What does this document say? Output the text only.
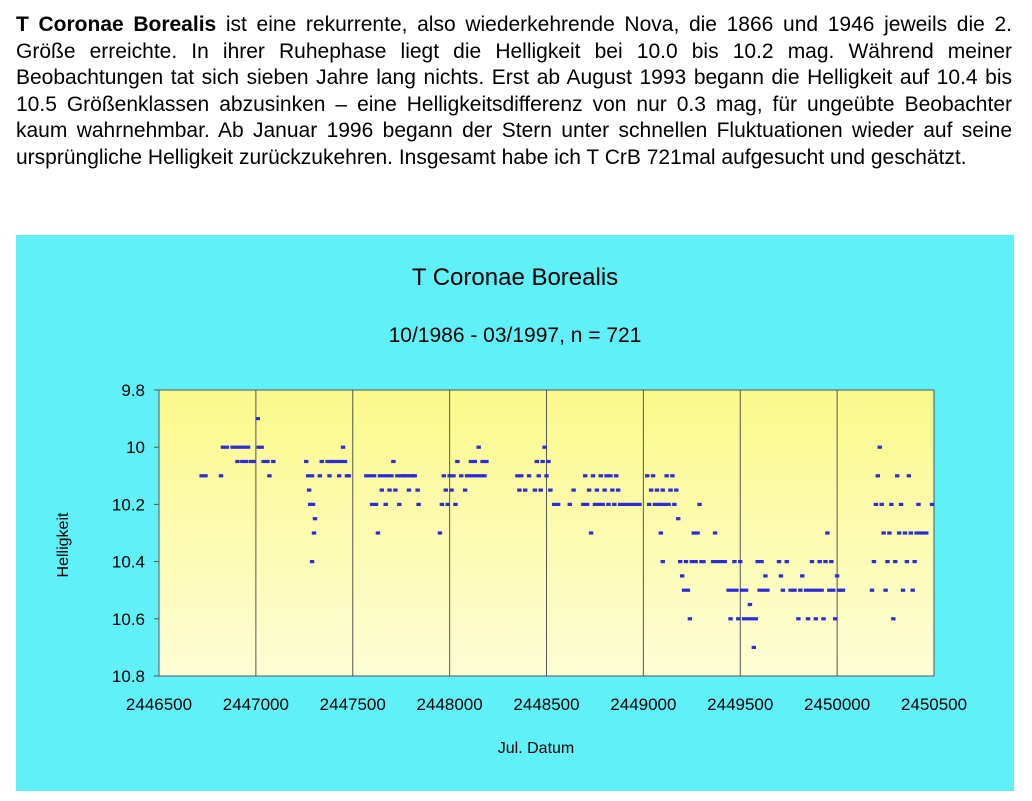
T Coronae Borealis ist eine rekurrente, also wiederkehrende Nova, die 1866 und 1946 jeweils die 2. Größe erreichte. In ihrer Ruhephase liegt die Helligkeit bei 10.0 bis 10.2 mag. Während meiner Beobachtungen tat sich sieben Jahre lang nichts. Erst ab August 1993 begann die Helligkeit auf 10.4 bis 10.5 Größenklassen abzusinken – eine Helligkeitsdifferenz von nur 0.3 mag, für ungeübte Beobachter kaum wahrnehmbar. Ab Januar 1996 begann der Stern unter schnellen Fluktuationen wieder auf seine ursprüngliche Helligkeit zurückzukehren. Insgesamt habe ich T CrB 721mal aufgesucht und geschätzt.

T Coronae Borealis
10/1986 - 03/1997, n = 721
2446500 2447000 2447500 2448000 2448500 2449000 2449500 2450000 2450500
9.8
10
10.2
10.4
10.6
10.8
Jul. Datum
Helligkeit
